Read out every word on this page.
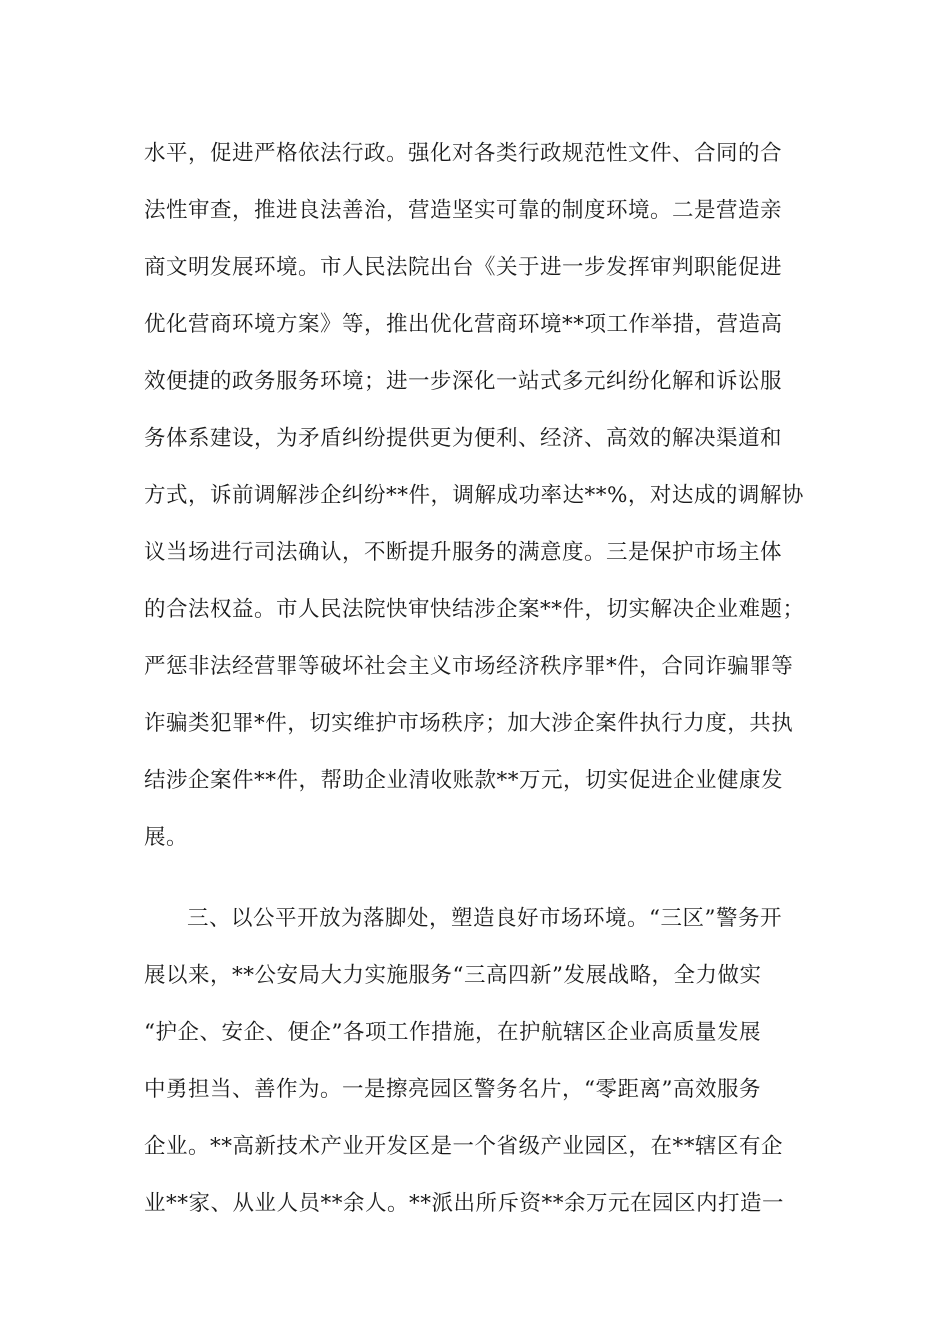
水平，促进严格依法行政。强化对各类行政规范性文件、合同的合
法性审查，推进良法善治，营造坚实可靠的制度环境。二是营造亲
商文明发展环境。市人民法院出台《关于进一步发挥审判职能促进
优化营商环境方案》等，推出优化营商环境**项工作举措，营造高
效便捷的政务服务环境；进一步深化一站式多元纠纷化解和诉讼服
务体系建设，为矛盾纠纷提供更为便利、经济、高效的解决渠道和
方式，诉前调解涉企纠纷**件，调解成功率达**%，对达成的调解协
议当场进行司法确认，不断提升服务的满意度。三是保护市场主体
的合法权益。市人民法院快审快结涉企案**件，切实解决企业难题；
严惩非法经营罪等破坏社会主义市场经济秩序罪*件，合同诈骗罪等
诈骗类犯罪*件，切实维护市场秩序；加大涉企案件执行力度，共执
结涉企案件**件，帮助企业清收账款**万元，切实促进企业健康发
展。
三、以公平开放为落脚处，塑造良好市场环境。“三区”警务开
展以来，**公安局大力实施服务“三高四新”发展战略，全力做实
“护企、安企、便企”各项工作措施，在护航辖区企业高质量发展
中勇担当、善作为。一是擦亮园区警务名片，“零距离”高效服务
企业。**高新技术产业开发区是一个省级产业园区，在**辖区有企
业**家、从业人员**余人。**派出所斥资**余万元在园区内打造一
